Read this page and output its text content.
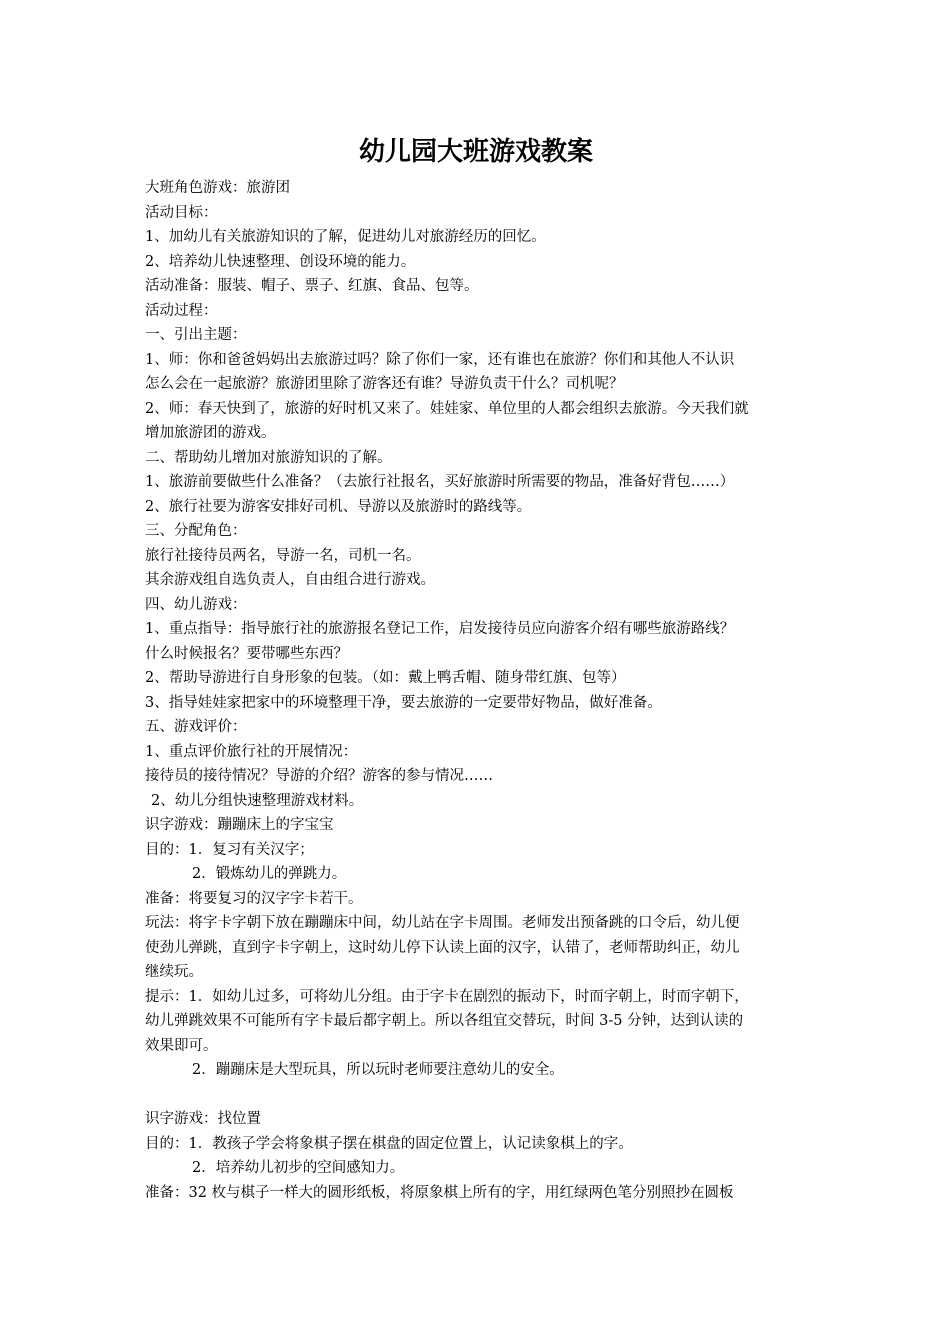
幼儿园大班游戏教案

大班角色游戏：旅游团

活动目标：

1、加幼儿有关旅游知识的了解，促进幼儿对旅游经历的回忆。

2、培养幼儿快速整理、创设环境的能力。

活动准备：服装、帽子、票子、红旗、食品、包等。

活动过程：

一、引出主题：

1、师：你和爸爸妈妈出去旅游过吗？除了你们一家，还有谁也在旅游？你们和其他人不认识

怎么会在一起旅游？旅游团里除了游客还有谁？导游负责干什么？司机呢？

2、师：春天快到了，旅游的好时机又来了。娃娃家、单位里的人都会组织去旅游。今天我们就

增加旅游团的游戏。

二、帮助幼儿增加对旅游知识的了解。

1、旅游前要做些什么准备？（去旅行社报名，买好旅游时所需要的物品，准备好背包……）

2、旅行社要为游客安排好司机、导游以及旅游时的路线等。

三、分配角色：

旅行社接待员两名，导游一名，司机一名。

其余游戏组自选负责人，自由组合进行游戏。

四、幼儿游戏：

1、重点指导：指导旅行社的旅游报名登记工作，启发接待员应向游客介绍有哪些旅游路线？

什么时候报名？要带哪些东西？

2、帮助导游进行自身形象的包装。（如：戴上鸭舌帽、随身带红旗、包等）

3、指导娃娃家把家中的环境整理干净，要去旅游的一定要带好物品，做好准备。

五、游戏评价：

1、重点评价旅行社的开展情况：

接待员的接待情况？导游的介绍？游客的参与情况……

2、幼儿分组快速整理游戏材料。

识字游戏：蹦蹦床上的字宝宝

目的：1．复习有关汉字；

2．锻炼幼儿的弹跳力。

准备：将要复习的汉字字卡若干。

玩法：将字卡字朝下放在蹦蹦床中间，幼儿站在字卡周围。老师发出预备跳的口令后，幼儿便

使劲儿弹跳，直到字卡字朝上，这时幼儿停下认读上面的汉字，认错了，老师帮助纠正，幼儿

继续玩。

提示：1．如幼儿过多，可将幼儿分组。由于字卡在剧烈的振动下，时而字朝上，时而字朝下，

幼儿弹跳效果不可能所有字卡最后都字朝上。所以各组宜交替玩，时间 3-5 分钟，达到认读的

效果即可。

2．蹦蹦床是大型玩具，所以玩时老师要注意幼儿的安全。

识字游戏：找位置

目的：1．教孩子学会将象棋子摆在棋盘的固定位置上，认记读象棋上的字。

2．培养幼儿初步的空间感知力。

准备：32 枚与棋子一样大的圆形纸板，将原象棋上所有的字，用红绿两色笔分别照抄在圆板
